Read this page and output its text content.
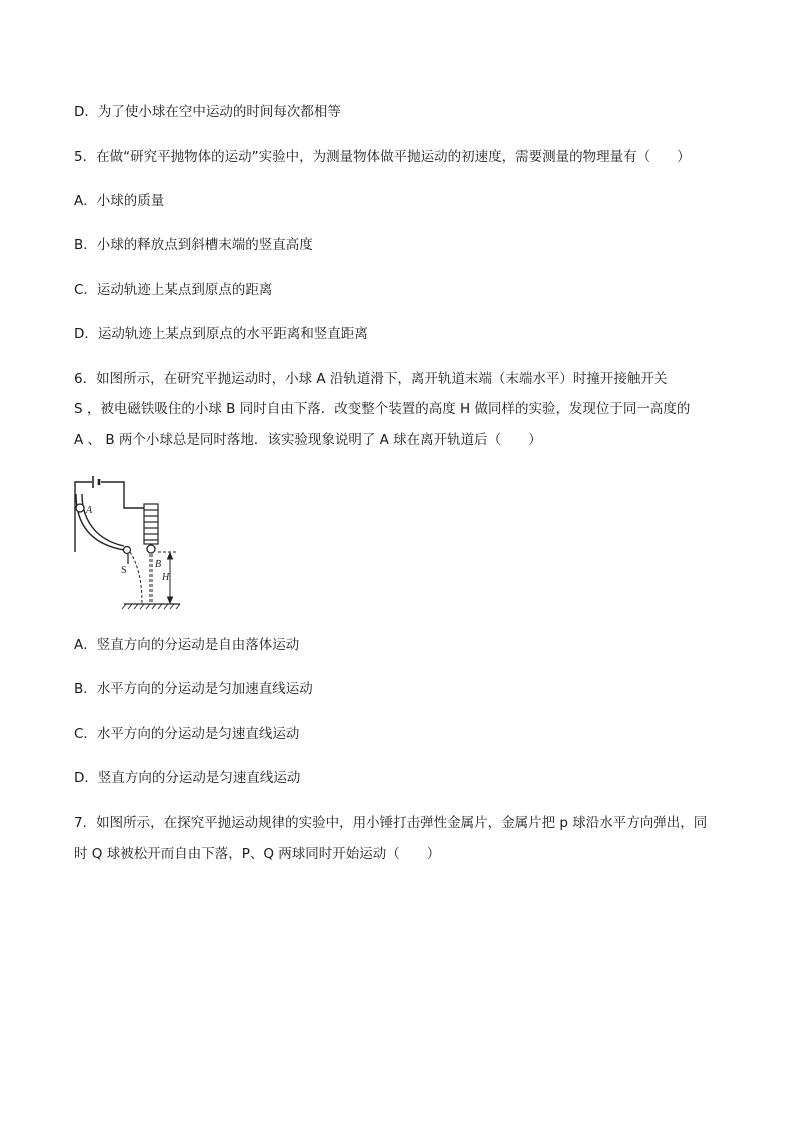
D．为了使小球在空中运动的时间每次都相等
5．在做“研究平抛物体的运动”实验中，为测量物体做平抛运动的初速度，需要测量的物理量有（　　）
A．小球的质量
B．小球的释放点到斜槽末端的竖直高度
C．运动轨迹上某点到原点的距离
D．运动轨迹上某点到原点的水平距离和竖直距离
6．如图所示，在研究平抛运动时，小球 A 沿轨道滑下，离开轨道末端（末端水平）时撞开接触开关
S ，被电磁铁吸住的小球 B 同时自由下落．改变整个装置的高度 H 做同样的实验，发现位于同一高度的
A 、 B 两个小球总是同时落地．该实验现象说明了 A 球在离开轨道后（　　）
A
S
B
H
A．竖直方向的分运动是自由落体运动
B．水平方向的分运动是匀加速直线运动
C．水平方向的分运动是匀速直线运动
D．竖直方向的分运动是匀速直线运动
7．如图所示，在探究平抛运动规律的实验中，用小锤打击弹性金属片，金属片把 p 球沿水平方向弹出，同
时 Q 球被松开而自由下落，P、Q 两球同时开始运动（　　）
